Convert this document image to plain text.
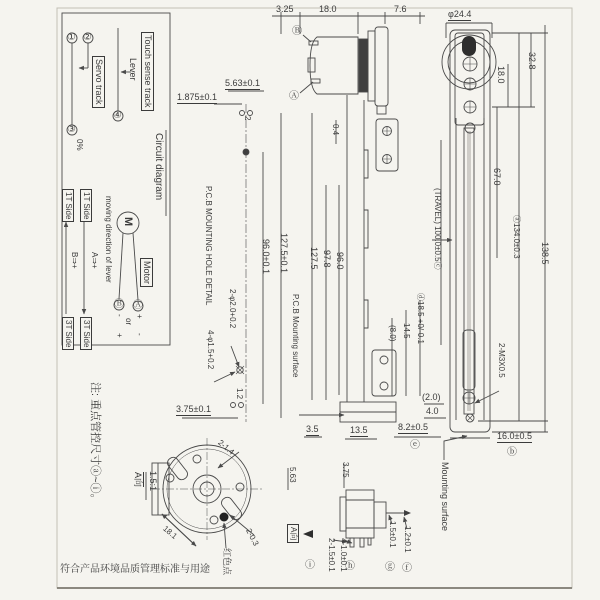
① ②
③
④
0%
Servo track	Lever Touch sense track
Circuit diagram
1T Side 1T Side
3T Side 3T Side
B⇒+ A⇒+ moving direction of lever M
Motor
Ⓑ Ⓐ
- +
or
+ -
3.25	18.0	7.6
Ⓑ
Ⓐ
5.63±0.1
1.875±0.1
2
0.4
P.C.B MOUNTING HOLE DETAIL
2-φ2.0+0.2
4-φ1.5+0.2
96.0±0.1 127.5±0.1
3.75±0.1
1.2
P.C.B Mounting surface
127.5 97.8 96.0
3.5	13.5	8.2±0.5
ⓔ
(2.0)
4.0
(8.0) 14.5 ⓓ18.5 +0/-0.1
φ24.4
32.8
18.0
67.0
(TRAVEL) 100.0±0.5ⓒ	ⓐ134.0±0.3 138.5
2-M3X0.5
16.0±0.5
ⓑ
A向 1.5:1
2-1.4
18.1	2-0.3
红色点
5.63	3.75
A向
2-1.5±0.1
ⓘ	4-1.0±0.1
ⓗ
1.5±0.1
ⓖ
1.2±0.1
ⓕ
Mounting surface
注: 重点管控尺寸ⓐ~ⓘ。
符合产品环境品质管理标准与用途
